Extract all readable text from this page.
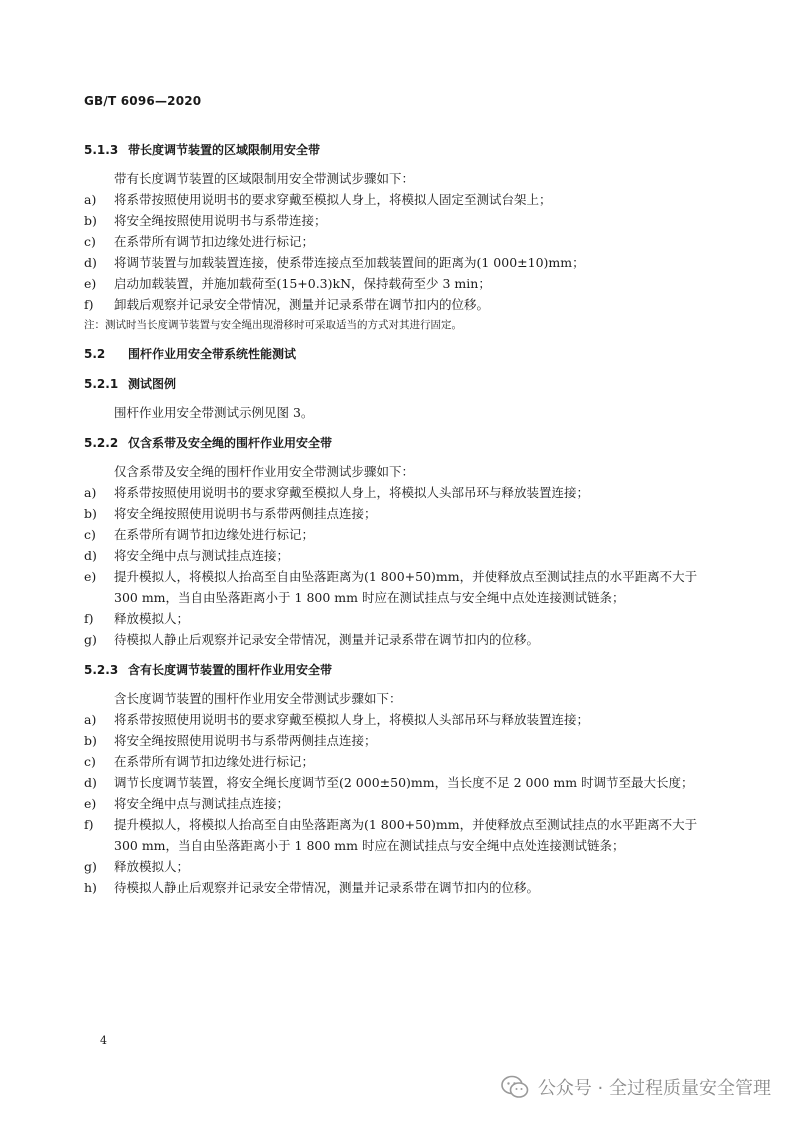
GB/T 6096—2020
5.1.3 带长度调节装置的区域限制用安全带
带有长度调节装置的区域限制用安全带测试步骤如下：
a)	将系带按照使用说明书的要求穿戴至模拟人身上，将模拟人固定至测试台架上；
b)	将安全绳按照使用说明书与系带连接；
c)	在系带所有调节扣边缘处进行标记；
d)	将调节装置与加载装置连接，使系带连接点至加载装置间的距离为(1 000±10)mm；
e)	启动加载装置，并施加载荷至(15+0.3)kN，保持载荷至少 3 min；
f)	卸载后观察并记录安全带情况，测量并记录系带在调节扣内的位移。
注：测试时当长度调节装置与安全绳出现滑移时可采取适当的方式对其进行固定。
5.2	围杆作业用安全带系统性能测试
5.2.1 测试图例
围杆作业用安全带测试示例见图 3。
5.2.2 仅含系带及安全绳的围杆作业用安全带
仅含系带及安全绳的围杆作业用安全带测试步骤如下：
a)	将系带按照使用说明书的要求穿戴至模拟人身上，将模拟人头部吊环与释放装置连接；
b)	将安全绳按照使用说明书与系带两侧挂点连接；
c)	在系带所有调节扣边缘处进行标记；
d)	将安全绳中点与测试挂点连接；
e)	提升模拟人，将模拟人抬高至自由坠落距离为(1 800+50)mm，并使释放点至测试挂点的水平距离不大于 300 mm，当自由坠落距离小于 1 800 mm 时应在测试挂点与安全绳中点处连接测试链条；
f)	释放模拟人；
g)	待模拟人静止后观察并记录安全带情况，测量并记录系带在调节扣内的位移。
5.2.3 含有长度调节装置的围杆作业用安全带
含长度调节装置的围杆作业用安全带测试步骤如下：
a)	将系带按照使用说明书的要求穿戴至模拟人身上，将模拟人头部吊环与释放装置连接；
b)	将安全绳按照使用说明书与系带两侧挂点连接；
c)	在系带所有调节扣边缘处进行标记；
d)	调节长度调节装置，将安全绳长度调节至(2 000±50)mm，当长度不足 2 000 mm 时调节至最大长度；
e)	将安全绳中点与测试挂点连接；
f)	提升模拟人，将模拟人抬高至自由坠落距离为(1 800+50)mm，并使释放点至测试挂点的水平距离不大于 300 mm，当自由坠落距离小于 1 800 mm 时应在测试挂点与安全绳中点处连接测试链条；
g)	释放模拟人；
h)	待模拟人静止后观察并记录安全带情况，测量并记录系带在调节扣内的位移。
4
公众号 · 全过程质量安全管理
